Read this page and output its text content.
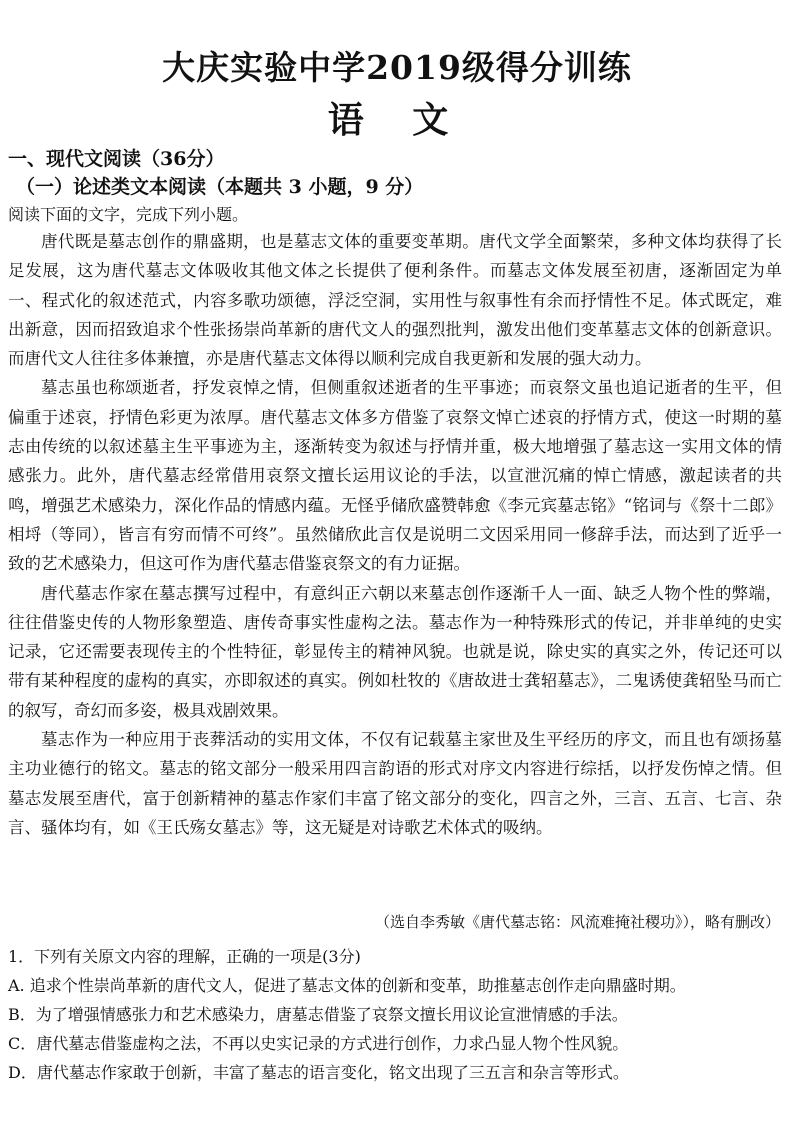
大庆实验中学2019级得分训练
语 文
一、现代文阅读（36分）
（一）论述类文本阅读（本题共 3 小题，9 分）
阅读下面的文字，完成下列小题。

唐代既是墓志创作的鼎盛期，也是墓志文体的重要变革期。唐代文学全面繁荣，多种文体均获得了长足发展，这为唐代墓志文体吸收其他文体之长提供了便利条件。而墓志文体发展至初唐，逐渐固定为单一、程式化的叙述范式，内容多歌功颂德，浮泛空洞，实用性与叙事性有余而抒情性不足。体式既定，难出新意，因而招致追求个性张扬崇尚革新的唐代文人的强烈批判，激发出他们变革墓志文体的创新意识。而唐代文人往往多体兼擅，亦是唐代墓志文体得以顺利完成自我更新和发展的强大动力。

墓志虽也称颂逝者，抒发哀悼之情，但侧重叙述逝者的生平事迹；而哀祭文虽也追记逝者的生平，但偏重于述哀，抒情色彩更为浓厚。唐代墓志文体多方借鉴了哀祭文悼亡述哀的抒情方式，使这一时期的墓志由传统的以叙述墓主生平事迹为主，逐渐转变为叙述与抒情并重，极大地增强了墓志这一实用文体的情感张力。此外，唐代墓志经常借用哀祭文擅长运用议论的手法，以宣泄沉痛的悼亡情感，激起读者的共鸣，增强艺术感染力，深化作品的情感内蕴。无怪乎储欣盛赞韩愈《李元宾墓志铭》“铭词与《祭十二郎》相埒（等同），皆言有穷而情不可终”。虽然储欣此言仅是说明二文因采用同一修辞手法，而达到了近乎一致的艺术感染力，但这可作为唐代墓志借鉴哀祭文的有力证据。

唐代墓志作家在墓志撰写过程中，有意纠正六朝以来墓志创作逐渐千人一面、缺乏人物个性的弊端，往往借鉴史传的人物形象塑造、唐传奇事实性虚构之法。墓志作为一种特殊形式的传记，并非单纯的史实记录，它还需要表现传主的个性特征，彰显传主的精神风貌。也就是说，除史实的真实之外，传记还可以带有某种程度的虚构的真实，亦即叙述的真实。例如杜牧的《唐故进士龚轺墓志》，二鬼诱使龚轺坠马而亡的叙写，奇幻而多姿，极具戏剧效果。

墓志作为一种应用于丧葬活动的实用文体，不仅有记载墓主家世及生平经历的序文，而且也有颂扬墓主功业德行的铭文。墓志的铭文部分一般采用四言韵语的形式对序文内容进行综括，以抒发伤悼之情。但墓志发展至唐代，富于创新精神的墓志作家们丰富了铭文部分的变化，四言之外，三言、五言、七言、杂言、骚体均有，如《王氏殇女墓志》等，这无疑是对诗歌艺术体式的吸纳。

（选自李秀敏《唐代墓志铭：风流难掩社稷功》），略有删改）
1．下列有关原文内容的理解，正确的一项是(3分)
A. 追求个性崇尚革新的唐代文人，促进了墓志文体的创新和变革，助推墓志创作走向鼎盛时期。
B．为了增强情感张力和艺术感染力，唐墓志借鉴了哀祭文擅长用议论宣泄情感的手法。
C．唐代墓志借鉴虚构之法，不再以史实记录的方式进行创作，力求凸显人物个性风貌。
D．唐代墓志作家敢于创新，丰富了墓志的语言变化，铭文出现了三五言和杂言等形式。
